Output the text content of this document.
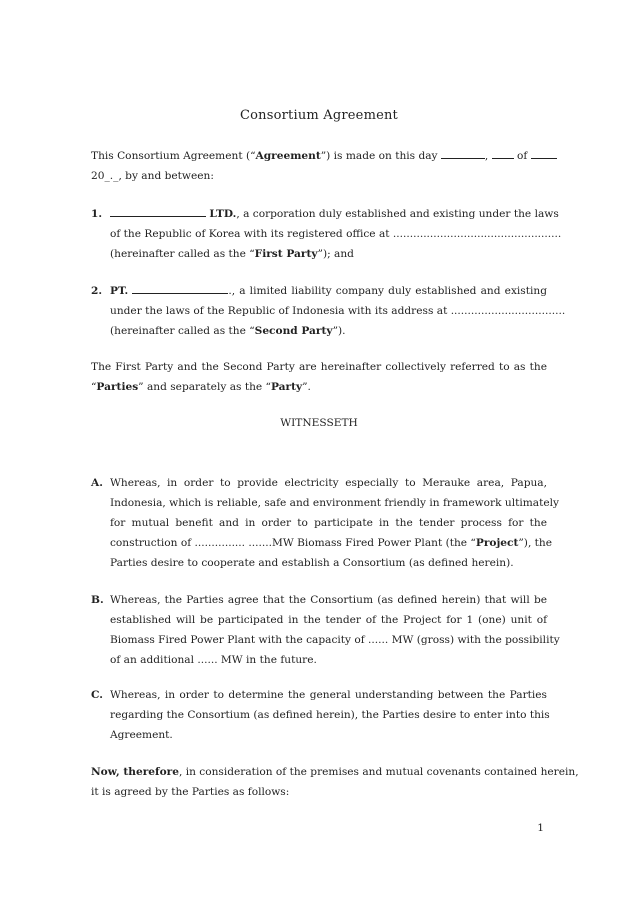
Consortium Agreement
This Consortium Agreement (“Agreement”) is made on this day	,	of
20_._, by and between:
1.	LTD., a corporation duly established and existing under the laws
of the Republic of Korea with its registered office at ..................................................
(hereinafter called as the “First Party”); and
2. PT.	., a limited liability company duly established and existing
under the laws of the Republic of Indonesia with its address at ..................................
(hereinafter called as the “Second Party”).
The First Party and the Second Party are hereinafter collectively referred to as the
“Parties” and separately as the “Party”.
WITNESSETH
A. Whereas, in order to provide electricity especially to Merauke area, Papua,
Indonesia, which is reliable, safe and environment friendly in framework ultimately
for mutual benefit and in order to participate in the tender process for the
construction of ............... .......MW Biomass Fired Power Plant (the “Project”), the
Parties desire to cooperate and establish a Consortium (as defined herein).
B. Whereas, the Parties agree that the Consortium (as defined herein) that will be
established will be participated in the tender of the Project for 1 (one) unit of
Biomass Fired Power Plant with the capacity of ...... MW (gross) with the possibility
of an additional ...... MW in the future.
C. Whereas, in order to determine the general understanding between the Parties
regarding the Consortium (as defined herein), the Parties desire to enter into this
Agreement.
Now, therefore, in consideration of the premises and mutual covenants contained herein,
it is agreed by the Parties as follows:
1
